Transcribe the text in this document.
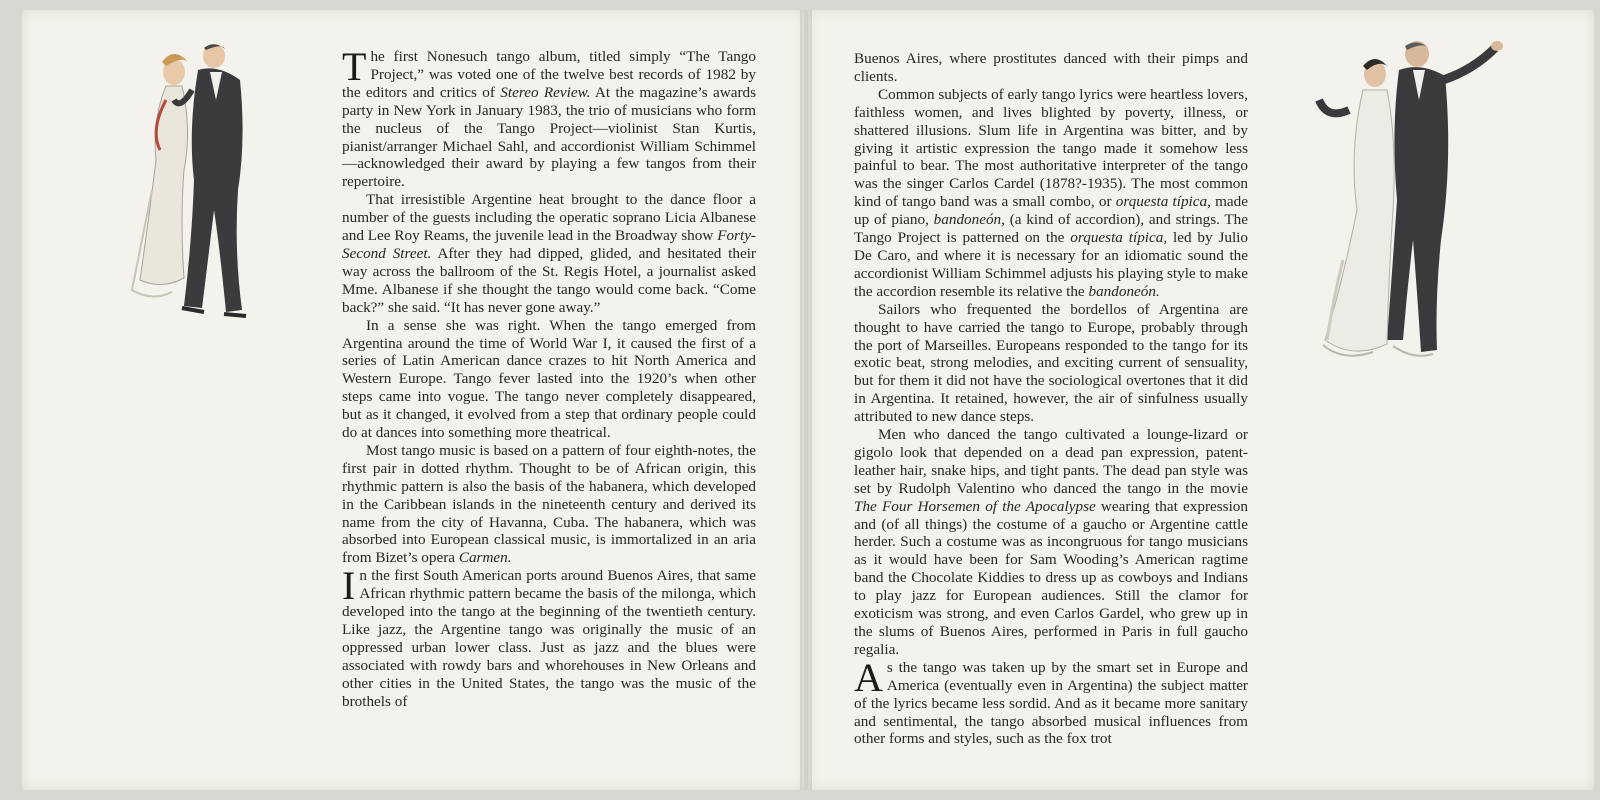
The first Nonesuch tango album, titled simply “The Tango Project,” was voted one of the twelve best records of 1982 by the editors and critics of Stereo Review. At the magazine’s awards party in New York in January 1983, the trio of musicians who form the nucleus of the Tango Project—violinist Stan Kurtis, pianist/arranger Michael Sahl, and accordionist William Schimmel—acknowledged their award by playing a few tangos from their repertoire.

That irresistible Argentine heat brought to the dance floor a number of the guests including the operatic soprano Licia Albanese and Lee Roy Reams, the juvenile lead in the Broadway show Forty-Second Street. After they had dipped, glided, and hesitated their way across the ballroom of the St. Regis Hotel, a journalist asked Mme. Albanese if she thought the tango would come back. “Come back?” she said. “It has never gone away.”

In a sense she was right. When the tango emerged from Argentina around the time of World War I, it caused the first of a series of Latin American dance crazes to hit North America and Western Europe. Tango fever lasted into the 1920’s when other steps came into vogue. The tango never completely disappeared, but as it changed, it evolved from a step that ordinary people could do at dances into something more theatrical.

Most tango music is based on a pattern of four eighth-notes, the first pair in dotted rhythm. Thought to be of African origin, this rhythmic pattern is also the basis of the habanera, which developed in the Caribbean islands in the nineteenth century and derived its name from the city of Havanna, Cuba. The habanera, which was absorbed into European classical music, is immortalized in an aria from Bizet’s opera Carmen.

In the first South American ports around Buenos Aires, that same African rhythmic pattern became the basis of the milonga, which developed into the tango at the beginning of the twentieth century. Like jazz, the Argentine tango was originally the music of an oppressed urban lower class. Just as jazz and the blues were associated with rowdy bars and whorehouses in New Orleans and other cities in the United States, the tango was the music of the brothels of

Buenos Aires, where prostitutes danced with their pimps and clients.

Common subjects of early tango lyrics were heartless lovers, faithless women, and lives blighted by poverty, illness, or shattered illusions. Slum life in Argentina was bitter, and by giving it artistic expression the tango made it somehow less painful to bear. The most authoritative interpreter of the tango was the singer Carlos Cardel (1878?-1935). The most common kind of tango band was a small combo, or orquesta típica, made up of piano, bandoneón, (a kind of accordion), and strings. The Tango Project is patterned on the orquesta típica, led by Julio De Caro, and where it is necessary for an idiomatic sound the accordionist William Schimmel adjusts his playing style to make the accordion resemble its relative the bandoneón.

Sailors who frequented the bordellos of Argentina are thought to have carried the tango to Europe, probably through the port of Marseilles. Europeans responded to the tango for its exotic beat, strong melodies, and exciting current of sensuality, but for them it did not have the sociological overtones that it did in Argentina. It retained, however, the air of sinfulness usually attributed to new dance steps.

Men who danced the tango cultivated a lounge-lizard or gigolo look that depended on a dead pan expression, patent-leather hair, snake hips, and tight pants. The dead pan style was set by Rudolph Valentino who danced the tango in the movie The Four Horsemen of the Apocalypse wearing that expression and (of all things) the costume of a gaucho or Argentine cattle herder. Such a costume was as incongruous for tango musicians as it would have been for Sam Wooding’s American ragtime band the Chocolate Kiddies to dress up as cowboys and Indians to play jazz for European audiences. Still the clamor for exoticism was strong, and even Carlos Gardel, who grew up in the slums of Buenos Aires, performed in Paris in full gaucho regalia.

As the tango was taken up by the smart set in Europe and America (eventually even in Argentina) the subject matter of the lyrics became less sordid. And as it became more sanitary and sentimental, the tango absorbed musical influences from other forms and styles, such as the fox trot
